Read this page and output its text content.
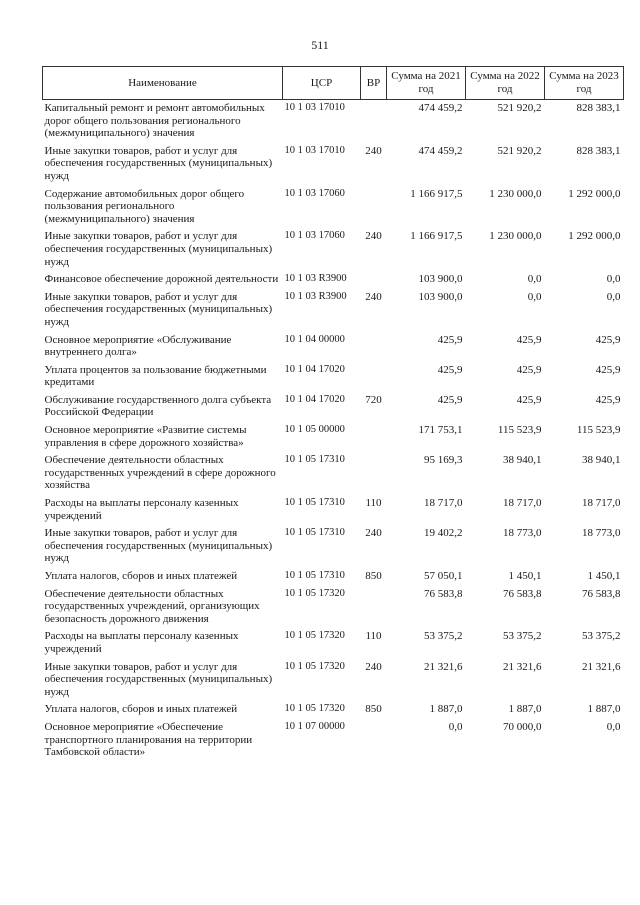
511
Наименование	ЦСР	ВР	Сумма на 2021 год	Сумма на 2022 год	Сумма на 2023 год
Капитальный ремонт и ремонт автомобильных дорог общего пользования регионального (межмуниципального) значения	10 1 03 17010		474 459,2	521 920,2	828 383,1
Иные закупки товаров, работ и услуг для обеспечения государственных (муниципальных) нужд	10 1 03 17010	240	474 459,2	521 920,2	828 383,1
Содержание автомобильных дорог общего пользования регионального (межмуниципального) значения	10 1 03 17060		1 166 917,5	1 230 000,0	1 292 000,0
Иные закупки товаров, работ и услуг для обеспечения государственных (муниципальных) нужд	10 1 03 17060	240	1 166 917,5	1 230 000,0	1 292 000,0
Финансовое обеспечение дорожной деятельности	10 1 03 R3900		103 900,0	0,0	0,0
Иные закупки товаров, работ и услуг для обеспечения государственных (муниципальных) нужд	10 1 03 R3900	240	103 900,0	0,0	0,0
Основное мероприятие «Обслуживание внутреннего долга»	10 1 04 00000		425,9	425,9	425,9
Уплата процентов за пользование бюджетными кредитами	10 1 04 17020		425,9	425,9	425,9
Обслуживание государственного долга субъекта Российской Федерации	10 1 04 17020	720	425,9	425,9	425,9
Основное мероприятие «Развитие системы управления в сфере дорожного хозяйства»	10 1 05 00000		171 753,1	115 523,9	115 523,9
Обеспечение деятельности областных государственных учреждений в сфере дорожного хозяйства	10 1 05 17310		95 169,3	38 940,1	38 940,1
Расходы на выплаты персоналу казенных учреждений	10 1 05 17310	110	18 717,0	18 717,0	18 717,0
Иные закупки товаров, работ и услуг для обеспечения государственных (муниципальных) нужд	10 1 05 17310	240	19 402,2	18 773,0	18 773,0
Уплата налогов, сборов и иных платежей	10 1 05 17310	850	57 050,1	1 450,1	1 450,1
Обеспечение деятельности областных государственных учреждений, организующих безопасность дорожного движения	10 1 05 17320		76 583,8	76 583,8	76 583,8
Расходы на выплаты персоналу казенных учреждений	10 1 05 17320	110	53 375,2	53 375,2	53 375,2
Иные закупки товаров, работ и услуг для обеспечения государственных (муниципальных) нужд	10 1 05 17320	240	21 321,6	21 321,6	21 321,6
Уплата налогов, сборов и иных платежей	10 1 05 17320	850	1 887,0	1 887,0	1 887,0
Основное мероприятие «Обеспечение транспортного планирования на территории Тамбовской области»	10 1 07 00000		0,0	70 000,0	0,0
